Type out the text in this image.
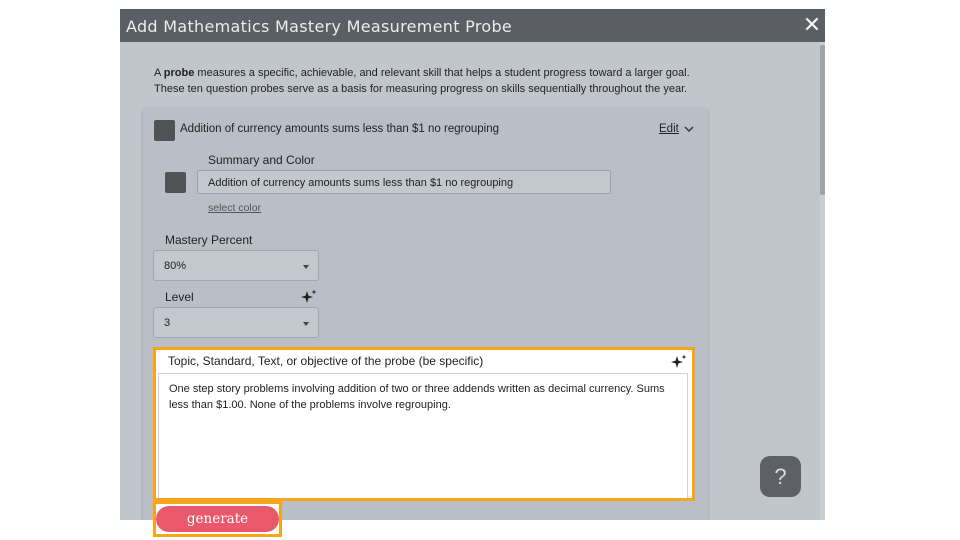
Add Mathematics Mastery Measurement Probe	✕
A probe measures a specific, achievable, and relevant skill that helps a student progress toward a larger goal.
These ten question probes serve as a basis for measuring progress on skills sequentially throughout the year.
Addition of currency amounts sums less than $1 no regrouping	Edit
Summary and Color
Addition of currency amounts sums less than $1 no regrouping
select color
Mastery Percent
80%
Level
3
Topic, Standard, Text, or objective of the probe (be specific)
One step story problems involving addition of two or three addends written as decimal currency. Sums less than $1.00. None of the problems involve regrouping.
generate
?
